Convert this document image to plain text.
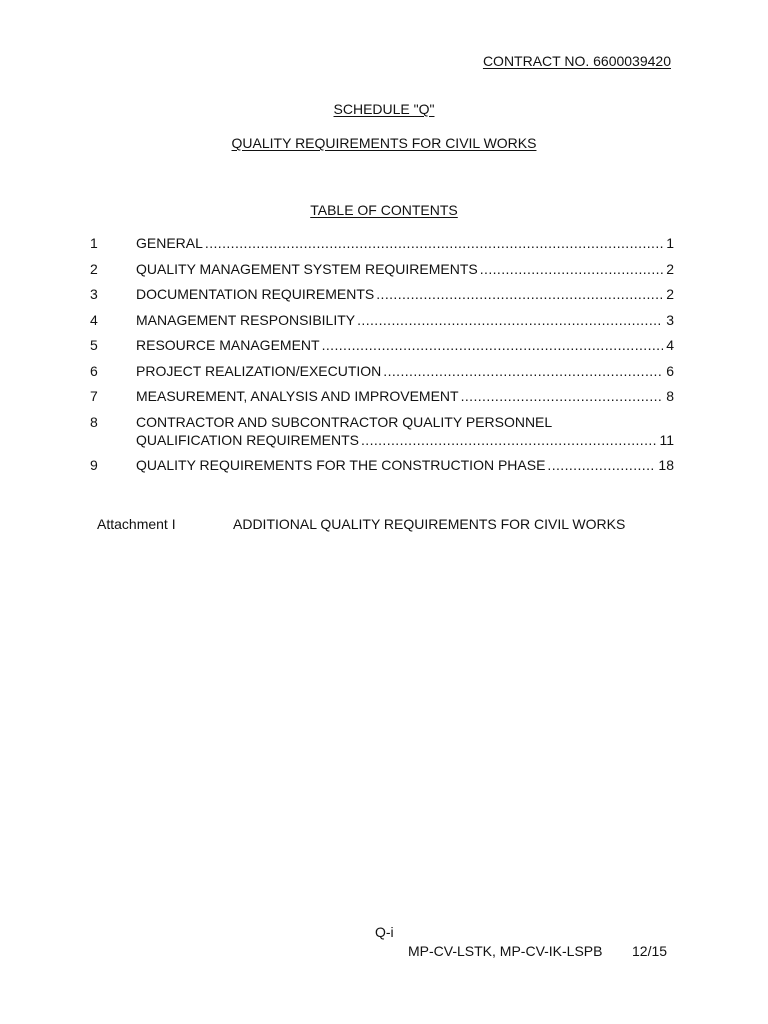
CONTRACT NO. 6600039420
SCHEDULE "Q"
QUALITY REQUIREMENTS FOR CIVIL WORKS
TABLE OF CONTENTS
1	GENERAL .....	1
2	QUALITY MANAGEMENT SYSTEM REQUIREMENTS .....	2
3	DOCUMENTATION REQUIREMENTS .....	2
4	MANAGEMENT RESPONSIBILITY .....	3
5	RESOURCE MANAGEMENT .....	4
6	PROJECT REALIZATION/EXECUTION .....	6
7	MEASUREMENT, ANALYSIS AND IMPROVEMENT .....	8
8	CONTRACTOR AND SUBCONTRACTOR QUALITY PERSONNEL
QUALIFICATION REQUIREMENTS .....	11
9	QUALITY REQUIREMENTS FOR THE CONSTRUCTION PHASE .....	18
Attachment I	ADDITIONAL QUALITY REQUIREMENTS FOR CIVIL WORKS
Q-i
MP-CV-LSTK, MP-CV-IK-LSPB 12/15
